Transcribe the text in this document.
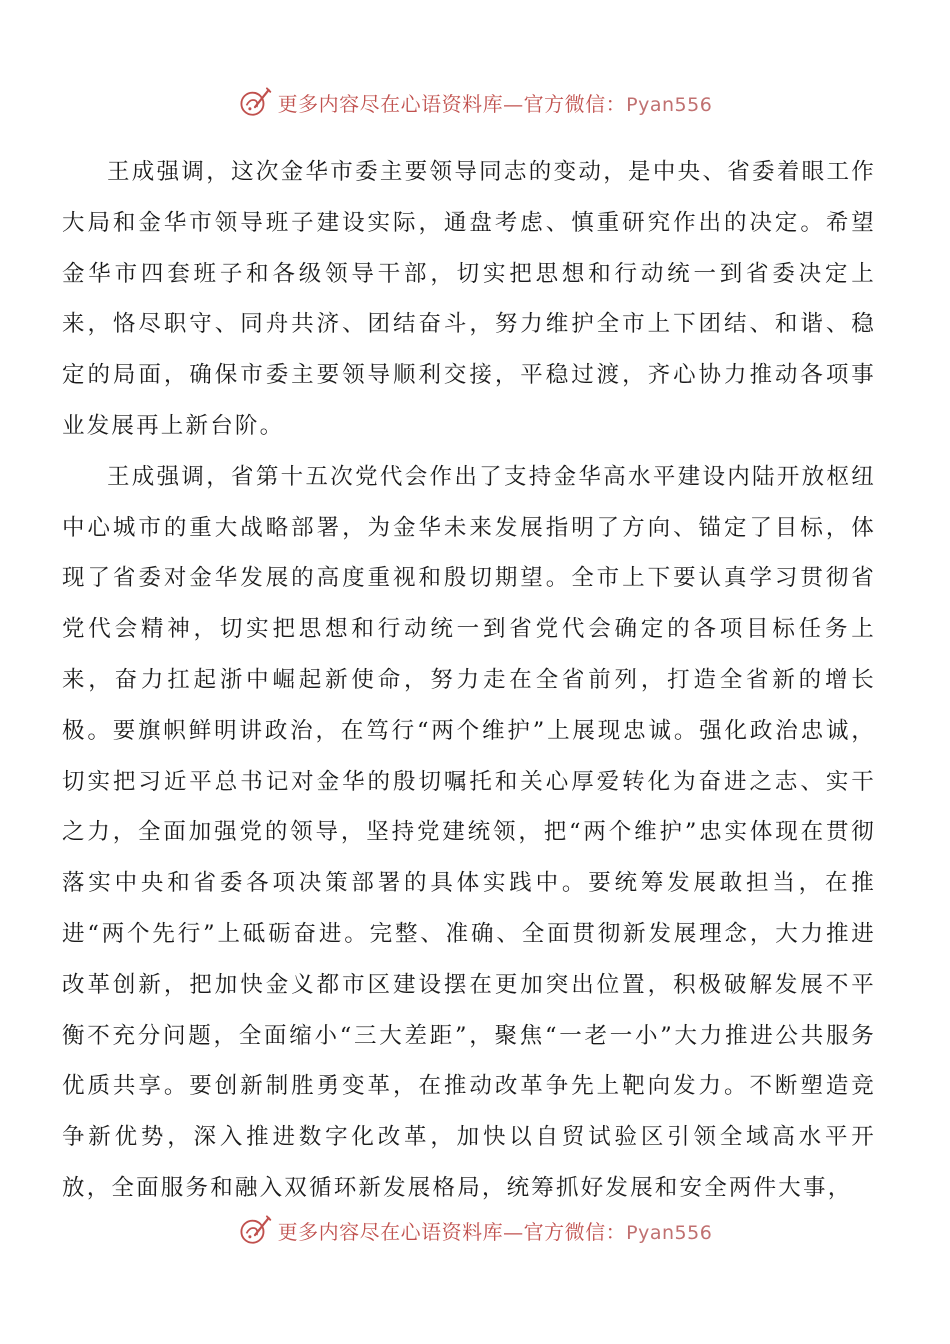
更多内容尽在心语资料库—官方微信：Pyan556

王成强调，这次金华市委主要领导同志的变动，是中央、省委着眼工作大局和金华市领导班子建设实际，通盘考虑、慎重研究作出的决定。希望金华市四套班子和各级领导干部，切实把思想和行动统一到省委决定上来，恪尽职守、同舟共济、团结奋斗，努力维护全市上下团结、和谐、稳定的局面，确保市委主要领导顺利交接，平稳过渡，齐心协力推动各项事业发展再上新台阶。

王成强调，省第十五次党代会作出了支持金华高水平建设内陆开放枢纽中心城市的重大战略部署，为金华未来发展指明了方向、锚定了目标，体现了省委对金华发展的高度重视和殷切期望。全市上下要认真学习贯彻省党代会精神，切实把思想和行动统一到省党代会确定的各项目标任务上来，奋力扛起浙中崛起新使命，努力走在全省前列，打造全省新的增长极。要旗帜鲜明讲政治，在笃行“两个维护”上展现忠诚。强化政治忠诚，切实把习近平总书记对金华的殷切嘱托和关心厚爱转化为奋进之志、实干之力，全面加强党的领导，坚持党建统领，把“两个维护”忠实体现在贯彻落实中央和省委各项决策部署的具体实践中。要统筹发展敢担当，在推进“两个先行”上砥砺奋进。完整、准确、全面贯彻新发展理念，大力推进改革创新，把加快金义都市区建设摆在更加突出位置，积极破解发展不平衡不充分问题，全面缩小“三大差距”，聚焦“一老一小”大力推进公共服务优质共享。要创新制胜勇变革，在推动改革争先上靶向发力。不断塑造竞争新优势，深入推进数字化改革，加快以自贸试验区引领全域高水平开放，全面服务和融入双循环新发展格局，统筹抓好发展和安全两件大事，

更多内容尽在心语资料库—官方微信：Pyan556
